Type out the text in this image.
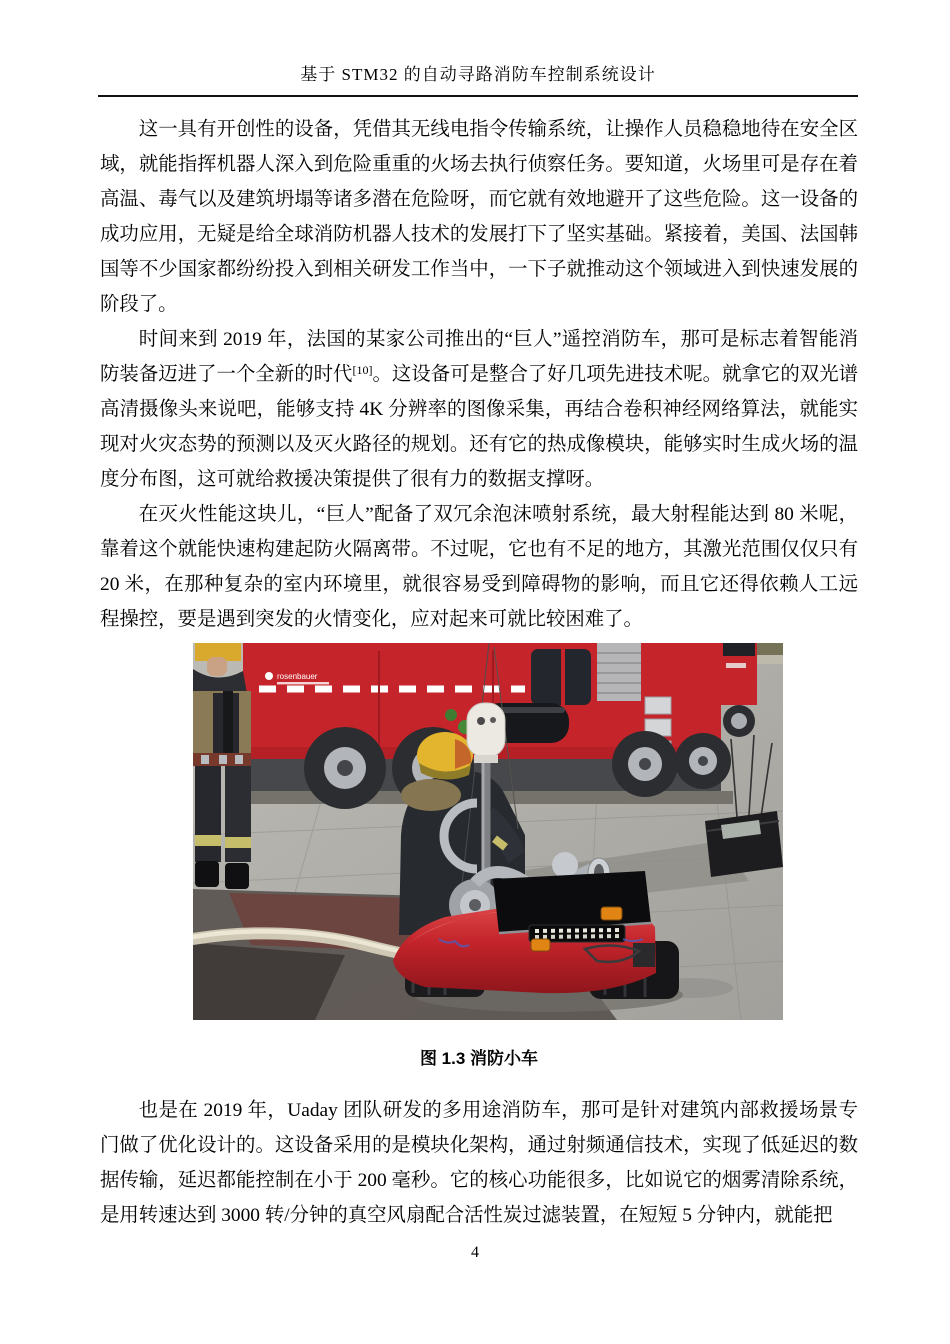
基于 STM32 的自动寻路消防车控制系统设计

这一具有开创性的设备，凭借其无线电指令传输系统，让操作人员稳稳地待在安全区域，就能指挥机器人深入到危险重重的火场去执行侦察任务。要知道，火场里可是存在着高温、毒气以及建筑坍塌等诸多潜在危险呀，而它就有效地避开了这些危险。这一设备的成功应用，无疑是给全球消防机器人技术的发展打下了坚实基础。紧接着，美国、法国韩国等不少国家都纷纷投入到相关研发工作当中，一下子就推动这个领域进入到快速发展的阶段了。

时间来到 2019 年，法国的某家公司推出的“巨人”遥控消防车，那可是标志着智能消防装备迈进了一个全新的时代[10]。这设备可是整合了好几项先进技术呢。就拿它的双光谱高清摄像头来说吧，能够支持 4K 分辨率的图像采集，再结合卷积神经网络算法，就能实现对火灾态势的预测以及灭火路径的规划。还有它的热成像模块，能够实时生成火场的温度分布图，这可就给救援决策提供了很有力的数据支撑呀。

在灭火性能这块儿，“巨人”配备了双冗余泡沫喷射系统，最大射程能达到 80 米呢，靠着这个就能快速构建起防火隔离带。不过呢，它也有不足的地方，其激光范围仅仅只有 20 米，在那种复杂的室内环境里，就很容易受到障碍物的影响，而且它还得依赖人工远程操控，要是遇到突发的火情变化，应对起来可就比较困难了。

rosenbauer
图 1.3 消防小车

也是在 2019 年，Uaday 团队研发的多用途消防车，那可是针对建筑内部救援场景专门做了优化设计的。这设备采用的是模块化架构，通过射频通信技术，实现了低延迟的数据传输，延迟都能控制在小于 200 毫秒。它的核心功能很多，比如说它的烟雾清除系统，是用转速达到 3000 转/分钟的真空风扇配合活性炭过滤装置，在短短 5 分钟内，就能把

4
